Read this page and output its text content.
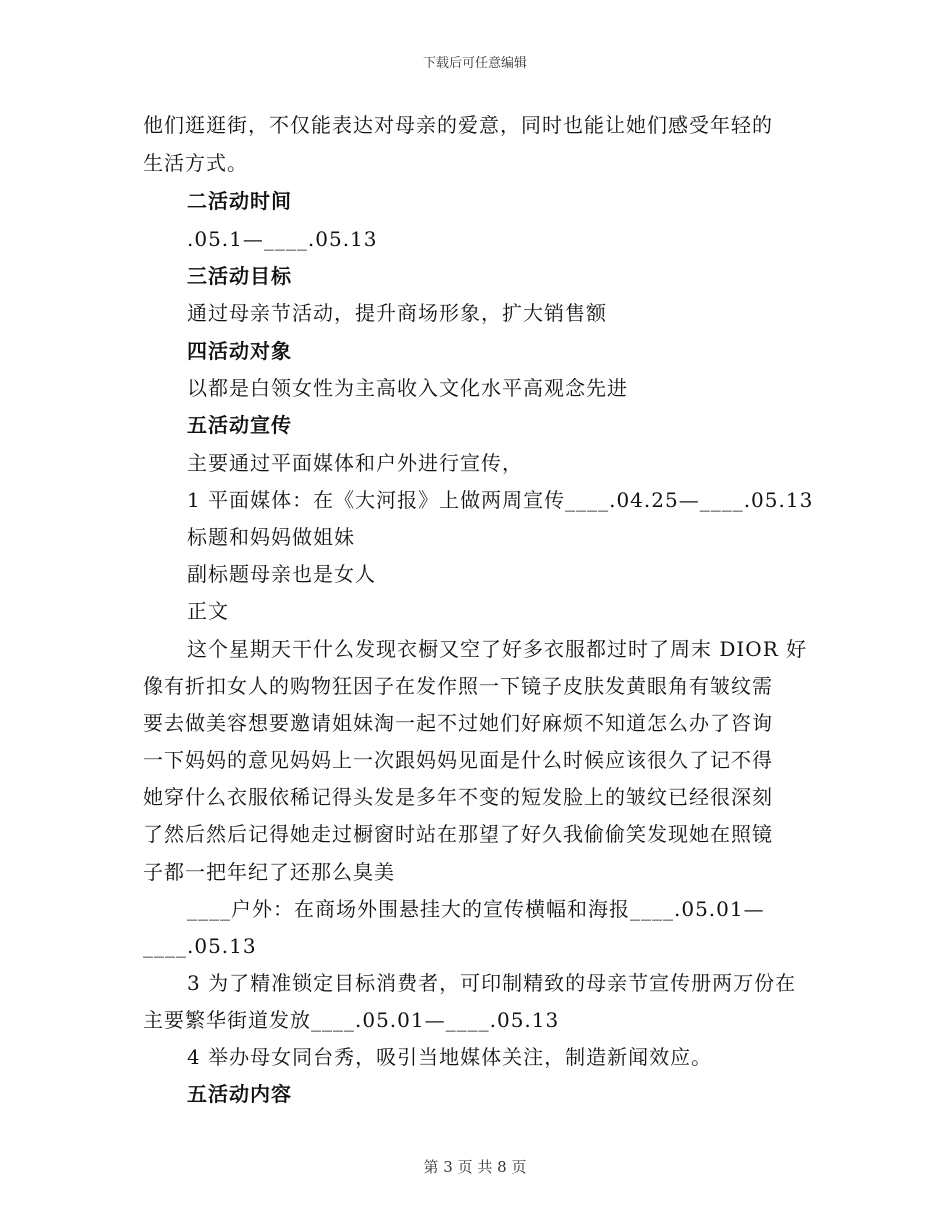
下载后可任意编辑
他们逛逛街，不仅能表达对母亲的爱意，同时也能让她们感受年轻的
生活方式。
二活动时间
.05.1—____.05.13
三活动目标
通过母亲节活动，提升商场形象，扩大销售额
四活动对象
以都是白领女性为主高收入文化水平高观念先进
五活动宣传
主要通过平面媒体和户外进行宣传，
1 平面媒体：在《大河报》上做两周宣传____.04.25—____.05.13
标题和妈妈做姐妹
副标题母亲也是女人
正文
这个星期天干什么发现衣橱又空了好多衣服都过时了周末 DIOR 好
像有折扣女人的购物狂因子在发作照一下镜子皮肤发黄眼角有皱纹需
要去做美容想要邀请姐妹淘一起不过她们好麻烦不知道怎么办了咨询
一下妈妈的意见妈妈上一次跟妈妈见面是什么时候应该很久了记不得
她穿什么衣服依稀记得头发是多年不变的短发脸上的皱纹已经很深刻
了然后然后记得她走过橱窗时站在那望了好久我偷偷笑发现她在照镜
子都一把年纪了还那么臭美
____户外：在商场外围悬挂大的宣传横幅和海报____.05.01—
____.05.13
3 为了精准锁定目标消费者，可印制精致的母亲节宣传册两万份在
主要繁华街道发放____.05.01—____.05.13
4 举办母女同台秀，吸引当地媒体关注，制造新闻效应。
五活动内容
第 3 页 共 8 页
